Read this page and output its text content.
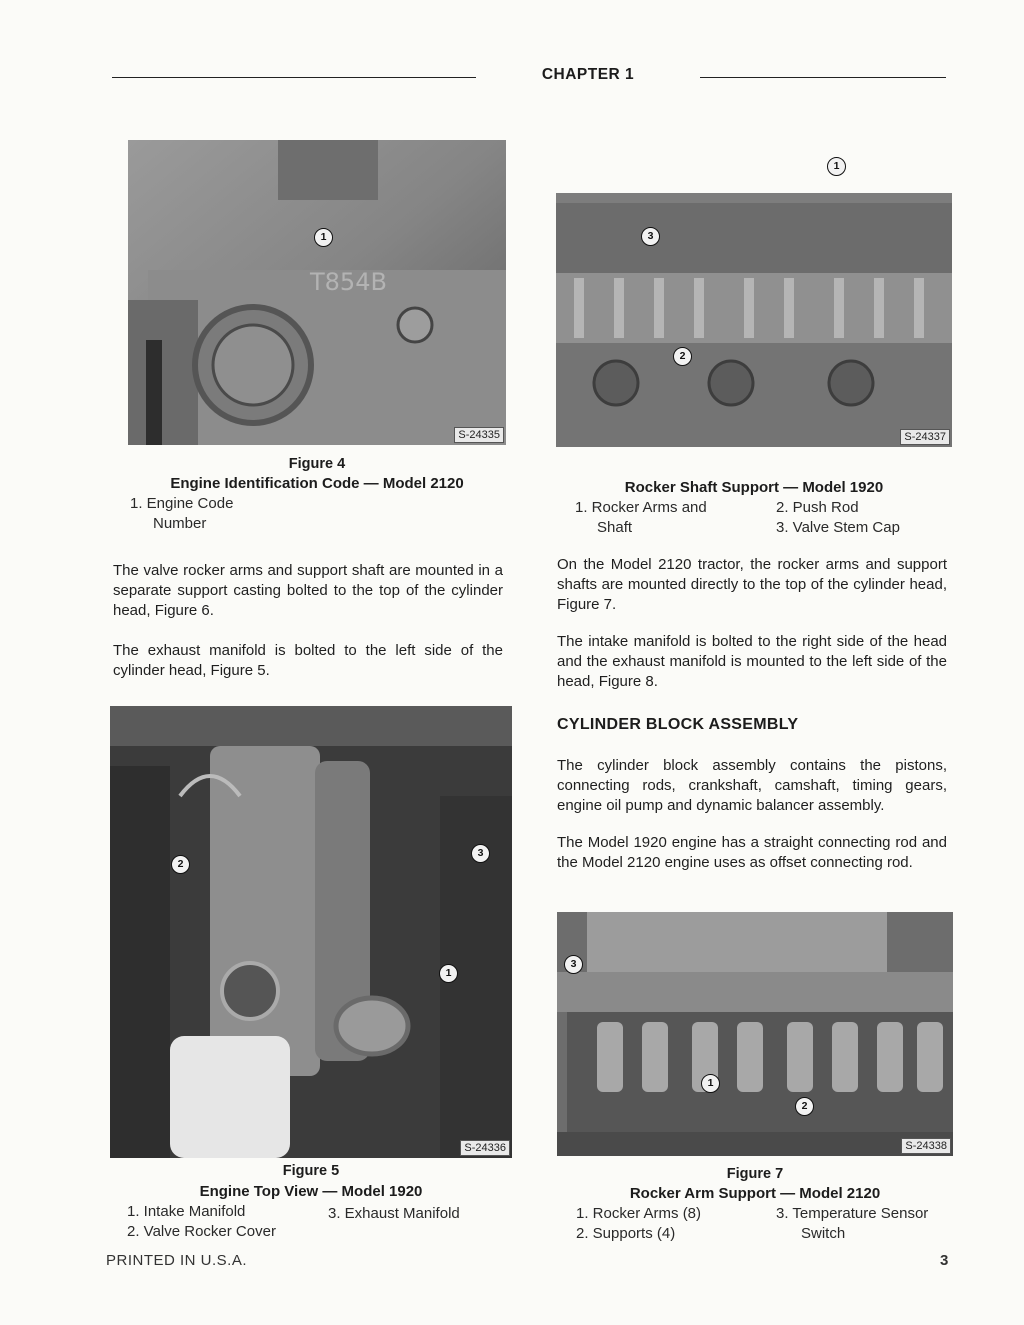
CHAPTER 1
T854B
1
S-24335
3
2
S-24337
1
Figure 4
Engine Identification Code — Model 2120
1. Engine Code
Number
Rocker Shaft Support — Model 1920
1. Rocker Arms and
Shaft
2. Push Rod
3. Valve Stem Cap
The valve rocker arms and support shaft are mounted in a separate support casting bolted to the top of the cylinder head, Figure 6.
The exhaust manifold is bolted to the left side of the cylinder head, Figure 5.
On the Model 2120 tractor, the rocker arms and support shafts are mounted directly to the top of the cylinder head, Figure 7.
The intake manifold is bolted to the right side of the head and the exhaust manifold is mounted to the left side of the head, Figure 8.
CYLINDER BLOCK ASSEMBLY
The cylinder block assembly contains the pistons, connecting rods, crankshaft, camshaft, timing gears, engine oil pump and dynamic balancer assembly.
The Model 1920 engine has a straight connecting rod and the Model 2120 engine uses as offset connecting rod.
2
3
1
S-24336
3
1
2
S-24338
Figure 5
Engine Top View — Model 1920
1. Intake Manifold
2. Valve Rocker Cover
3. Exhaust Manifold
Figure 7
Rocker Arm Support — Model 2120
1. Rocker Arms (8)
2. Supports (4)
3. Temperature Sensor
Switch
PRINTED IN U.S.A.	3
